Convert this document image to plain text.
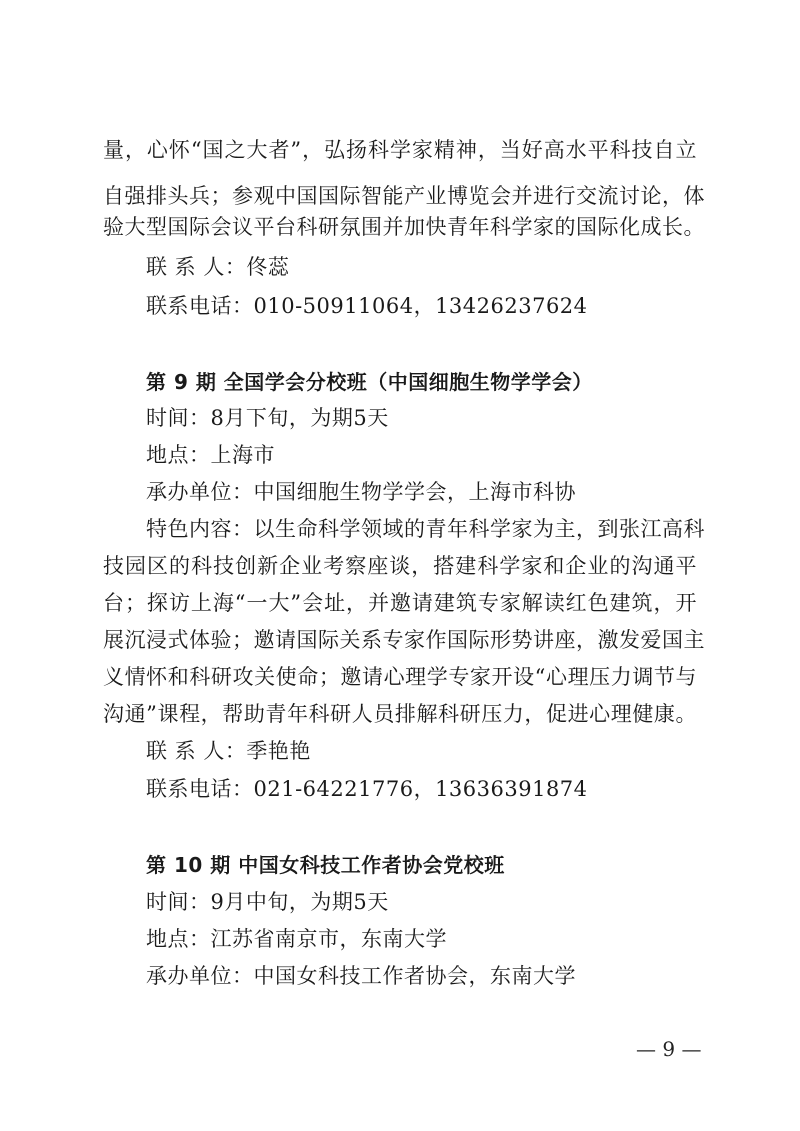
量，心怀“国之大者”，弘扬科学家精神，当好高水平科技自立
自强排头兵；参观中国国际智能产业博览会并进行交流讨论，体
验大型国际会议平台科研氛围并加快青年科学家的国际化成长。
联 系 人：佟蕊
联系电话：010-50911064，13426237624
第 9 期 全国学会分校班（中国细胞生物学学会）
时间：8月下旬，为期5天
地点：上海市
承办单位：中国细胞生物学学会，上海市科协
特色内容：以生命科学领域的青年科学家为主，到张江高科
技园区的科技创新企业考察座谈，搭建科学家和企业的沟通平
台；探访上海“一大”会址，并邀请建筑专家解读红色建筑，开
展沉浸式体验；邀请国际关系专家作国际形势讲座，激发爱国主
义情怀和科研攻关使命；邀请心理学专家开设“心理压力调节与
沟通”课程，帮助青年科研人员排解科研压力，促进心理健康。
联 系 人：季艳艳
联系电话：021-64221776，13636391874
第 10 期 中国女科技工作者协会党校班
时间：9月中旬，为期5天
地点：江苏省南京市，东南大学
承办单位：中国女科技工作者协会，东南大学
— 9 —
